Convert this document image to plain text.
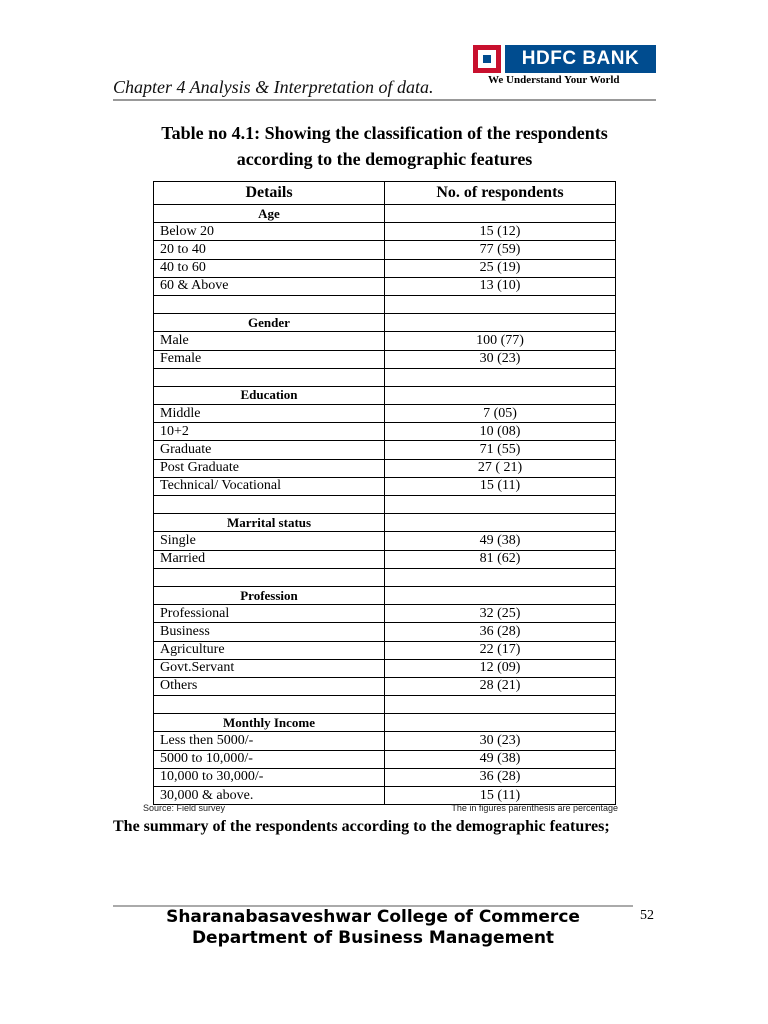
Chapter 4 Analysis & Interpretation of data.
HDFC BANK
We Understand Your World
Table no 4.1: Showing the classification of the respondents
according to the demographic features
Details	No. of respondents
Age	
Below 20	15 (12)
20 to 40	77 (59)
40 to 60	25 (19)
60 & Above	13 (10)

Gender	
Male	100 (77)
Female	30 (23)

Education	
Middle	7 (05)
10+2	10 (08)
Graduate	71 (55)
Post Graduate	27 ( 21)
Technical/ Vocational	15 (11)

Marrital status	
Single	49 (38)
Married	81 (62)

Profession	
Professional	32 (25)
Business	36 (28)
Agriculture	22 (17)
Govt.Servant	12 (09)
Others	28 (21)

Monthly Income	
Less then 5000/-	30 (23)
5000 to 10,000/-	49 (38)
10,000 to 30,000/-	36 (28)
30,000 & above.	15 (11)
Source: Field survey	The in figures parenthesis are percentage
The summary of the respondents according to the demographic features;
Sharanabasaveshwar College of Commerce
Department of Business Management
52
